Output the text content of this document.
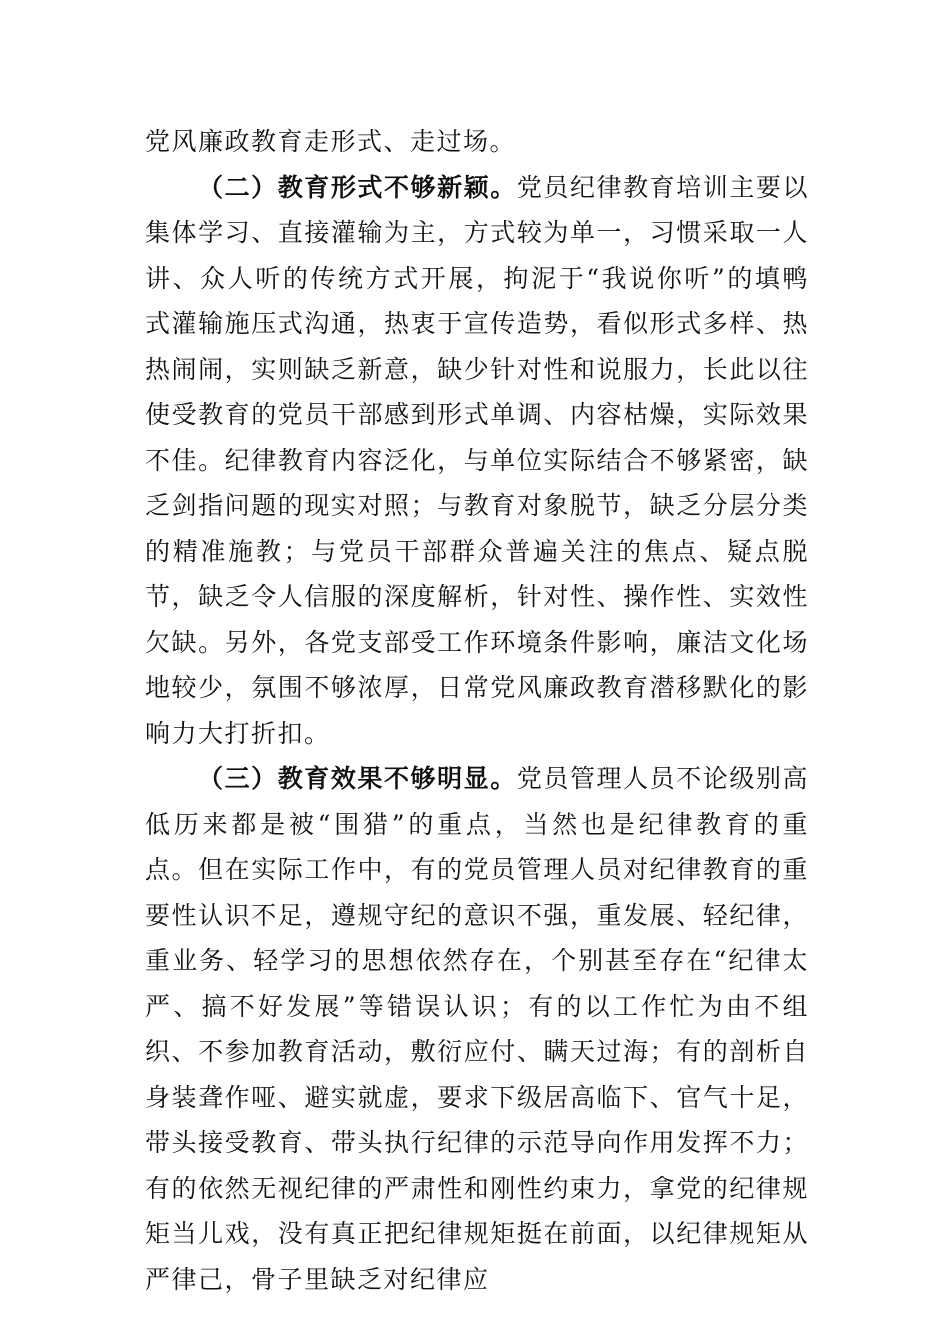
党风廉政教育走形式、走过场。

（二）教育形式不够新颖。党员纪律教育培训主要以集体学习、直接灌输为主，方式较为单一，习惯采取一人讲、众人听的传统方式开展，拘泥于“我说你听”的填鸭式灌输施压式沟通，热衷于宣传造势，看似形式多样、热热闹闹，实则缺乏新意，缺少针对性和说服力，长此以往使受教育的党员干部感到形式单调、内容枯燥，实际效果不佳。纪律教育内容泛化，与单位实际结合不够紧密，缺乏剑指问题的现实对照；与教育对象脱节，缺乏分层分类的精准施教；与党员干部群众普遍关注的焦点、疑点脱节，缺乏令人信服的深度解析，针对性、操作性、实效性欠缺。另外，各党支部受工作环境条件影响，廉洁文化场地较少，氛围不够浓厚，日常党风廉政教育潜移默化的影响力大打折扣。

（三）教育效果不够明显。党员管理人员不论级别高低历来都是被“围猎”的重点，当然也是纪律教育的重点。但在实际工作中，有的党员管理人员对纪律教育的重要性认识不足，遵规守纪的意识不强，重发展、轻纪律，重业务、轻学习的思想依然存在，个别甚至存在“纪律太严、搞不好发展”等错误认识；有的以工作忙为由不组织、不参加教育活动，敷衍应付、瞒天过海；有的剖析自身装聋作哑、避实就虚，要求下级居高临下、官气十足，带头接受教育、带头执行纪律的示范导向作用发挥不力；有的依然无视纪律的严肃性和刚性约束力，拿党的纪律规矩当儿戏，没有真正把纪律规矩挺在前面，以纪律规矩从严律己，骨子里缺乏对纪律应
